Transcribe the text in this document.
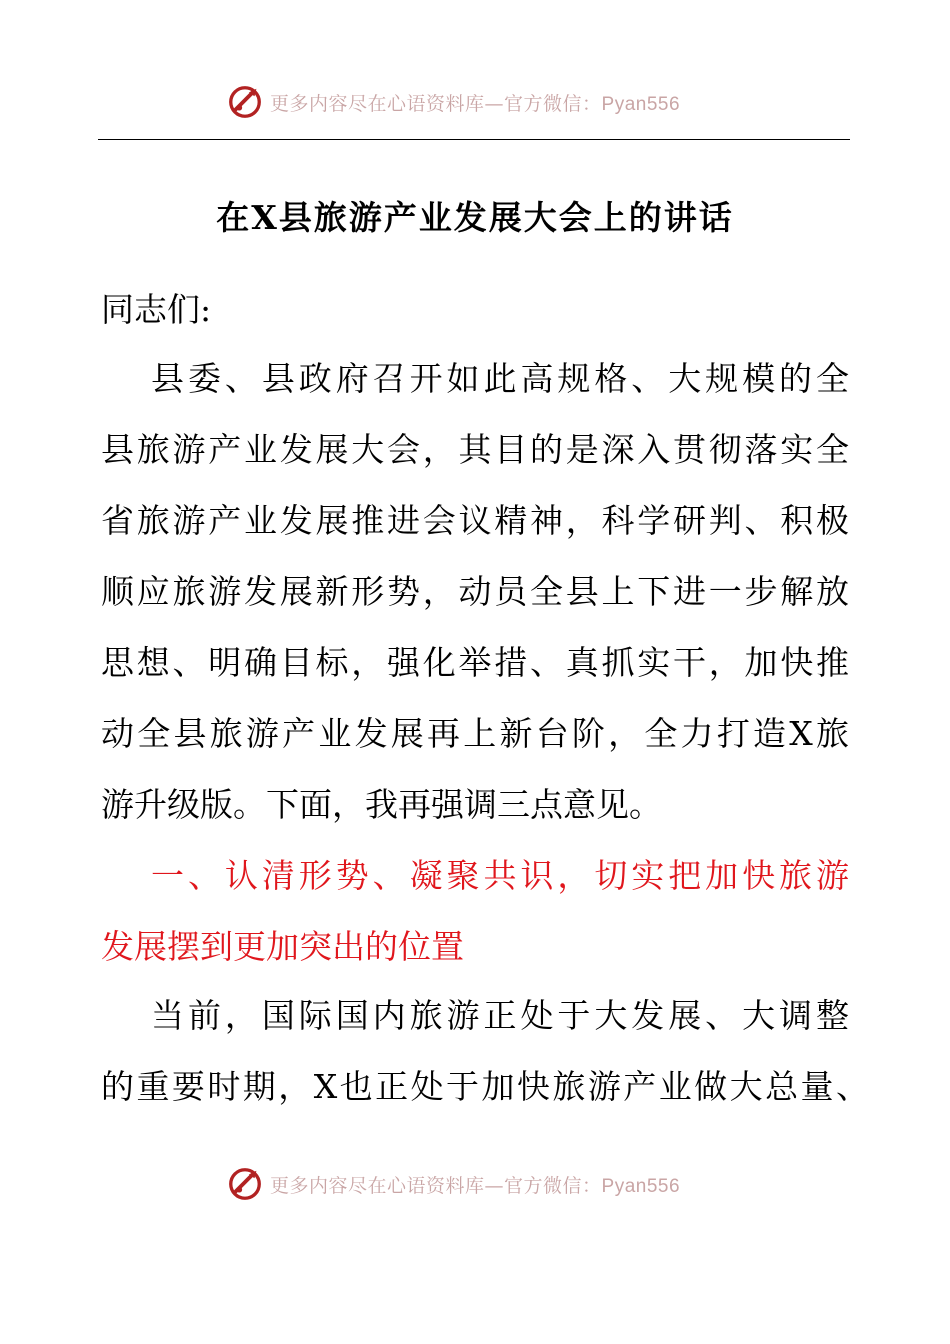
更多内容尽在心语资料库—官方微信：Pyan556
在X县旅游产业发展大会上的讲话
同志们:
县委、县政府召开如此高规格、大规模的全
县旅游产业发展大会，其目的是深入贯彻落实全
省旅游产业发展推进会议精神，科学研判、积极
顺应旅游发展新形势，动员全县上下进一步解放
思想、明确目标，强化举措、真抓实干，加快推
动全县旅游产业发展再上新台阶，全力打造X旅
游升级版。下面，我再强调三点意见。
一、认清形势、凝聚共识，切实把加快旅游
发展摆到更加突出的位置
当前，国际国内旅游正处于大发展、大调整
的重要时期，X也正处于加快旅游产业做大总量、
更多内容尽在心语资料库—官方微信：Pyan556
